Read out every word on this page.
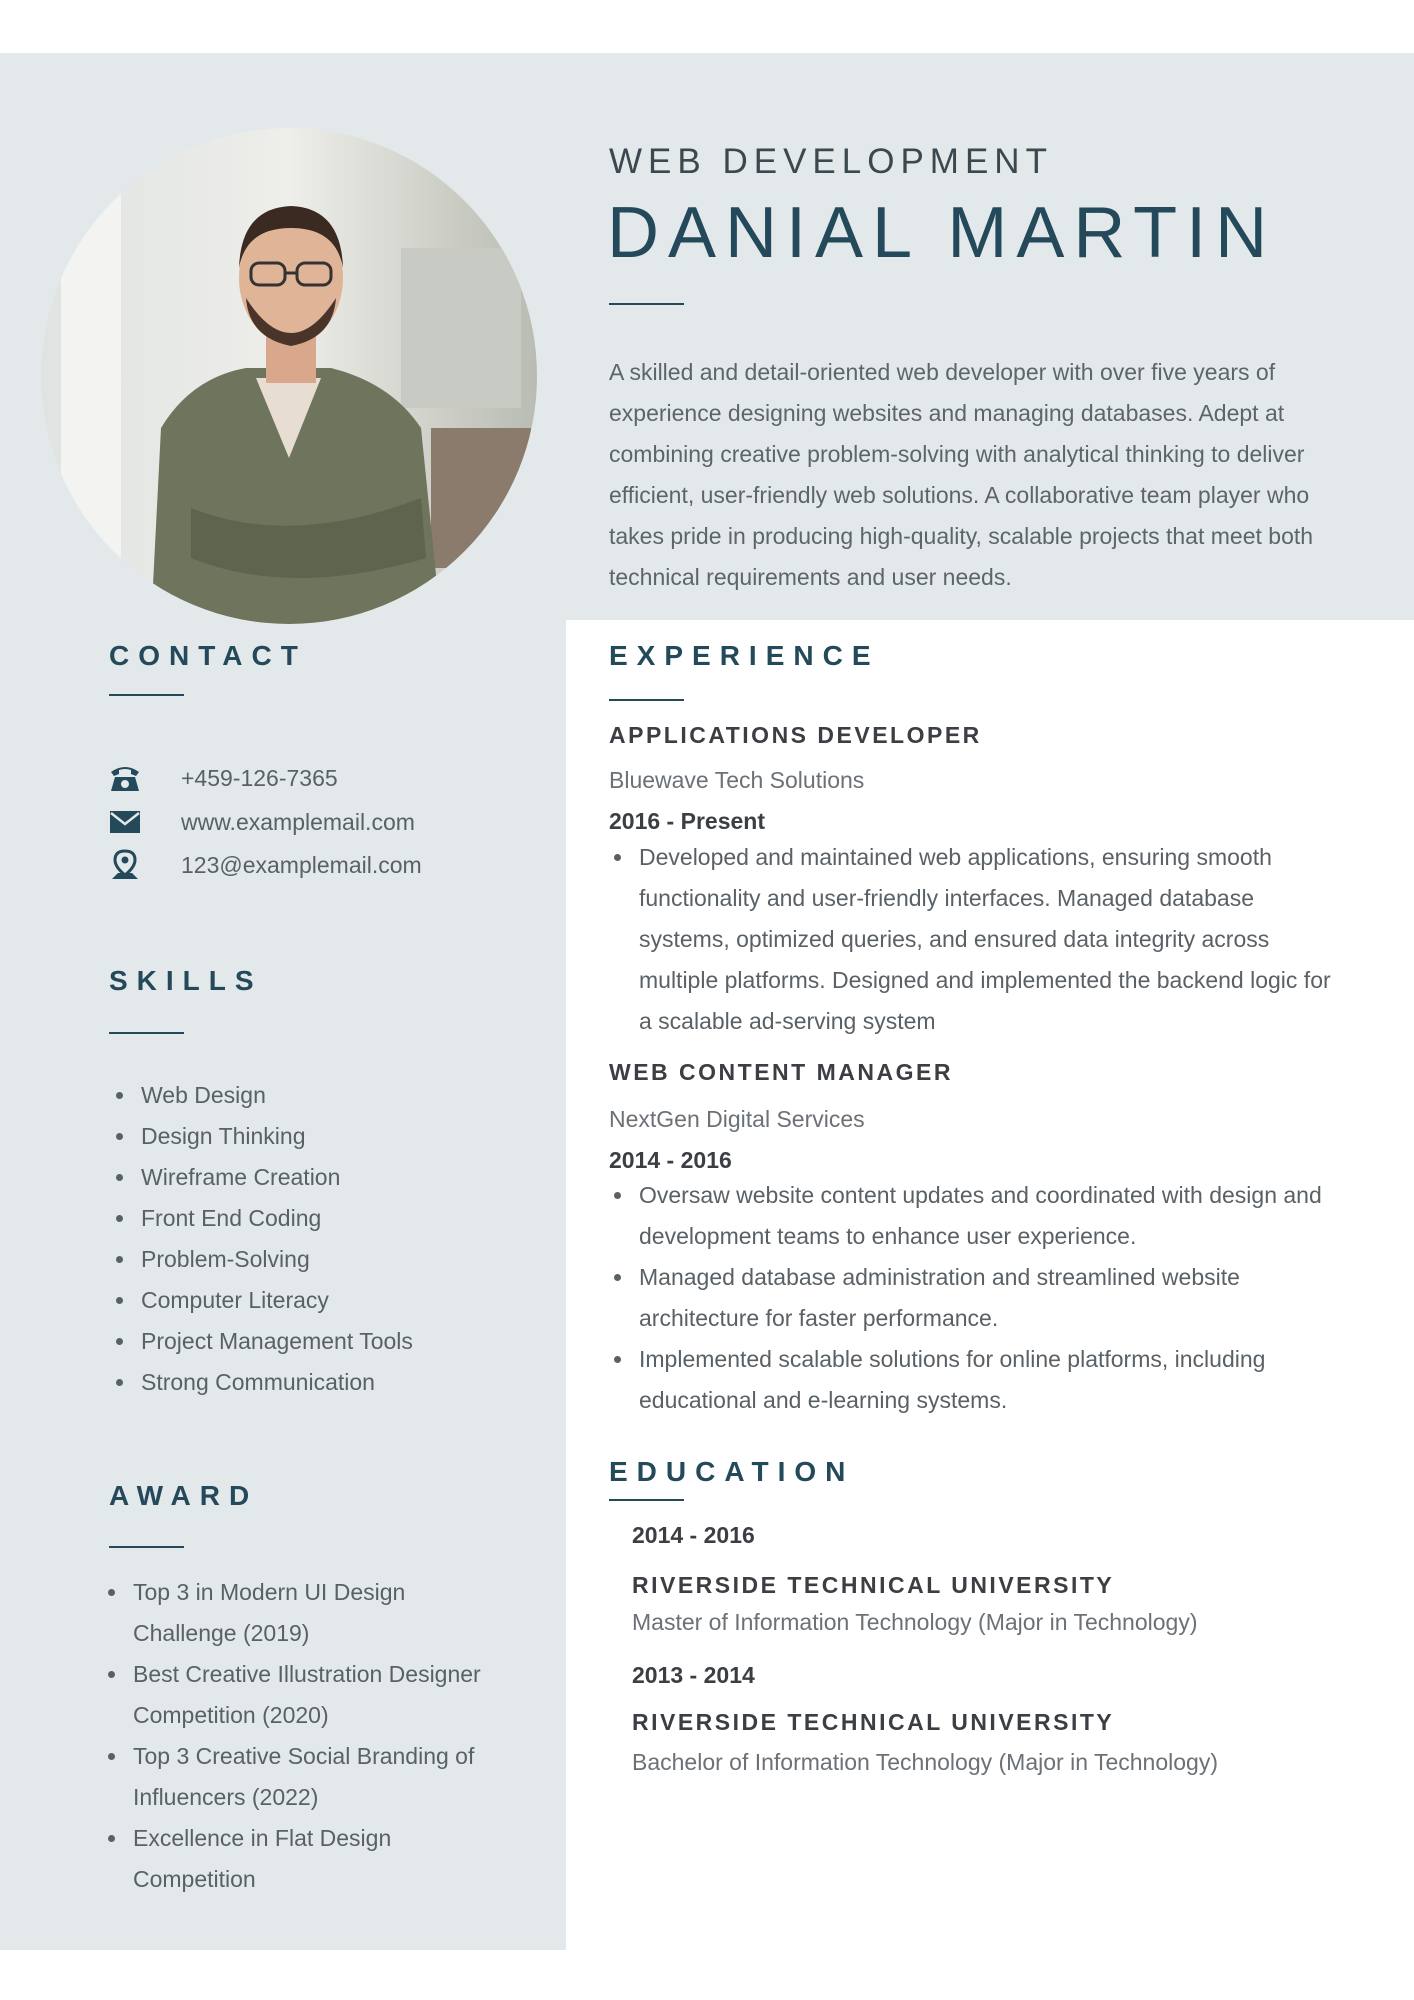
WEB DEVELOPMENT
DANIAL MARTIN

A skilled and detail-oriented web developer with over five years of experience designing websites and managing databases. Adept at combining creative problem-solving with analytical thinking to deliver efficient, user-friendly web solutions. A collaborative team player who takes pride in producing high-quality, scalable projects that meet both technical requirements and user needs.

CONTACT
+459-126-7365
www.examplemail.com
123@examplemail.com
SKILLS
Web Design
Design Thinking
Wireframe Creation
Front End Coding
Problem-Solving
Computer Literacy
Project Management Tools
Strong Communication
AWARD
Top 3 in Modern UI Design Challenge (2019)
Best Creative Illustration Designer Competition (2020)
Top 3 Creative Social Branding of Influencers (2022)
Excellence in Flat Design Competition
EXPERIENCE
APPLICATIONS DEVELOPER
Bluewave Tech Solutions
2016 - Present
Developed and maintained web applications, ensuring smooth functionality and user-friendly interfaces. Managed database systems, optimized queries, and ensured data integrity across multiple platforms. Designed and implemented the backend logic for a scalable ad-serving system
WEB CONTENT MANAGER
NextGen Digital Services
2014 - 2016
Oversaw website content updates and coordinated with design and development teams to enhance user experience.
Managed database administration and streamlined website architecture for faster performance.
Implemented scalable solutions for online platforms, including educational and e-learning systems.
EDUCATION
2014 - 2016
RIVERSIDE TECHNICAL UNIVERSITY
Master of Information Technology (Major in Technology)
2013 - 2014
RIVERSIDE TECHNICAL UNIVERSITY
Bachelor of Information Technology (Major in Technology)
